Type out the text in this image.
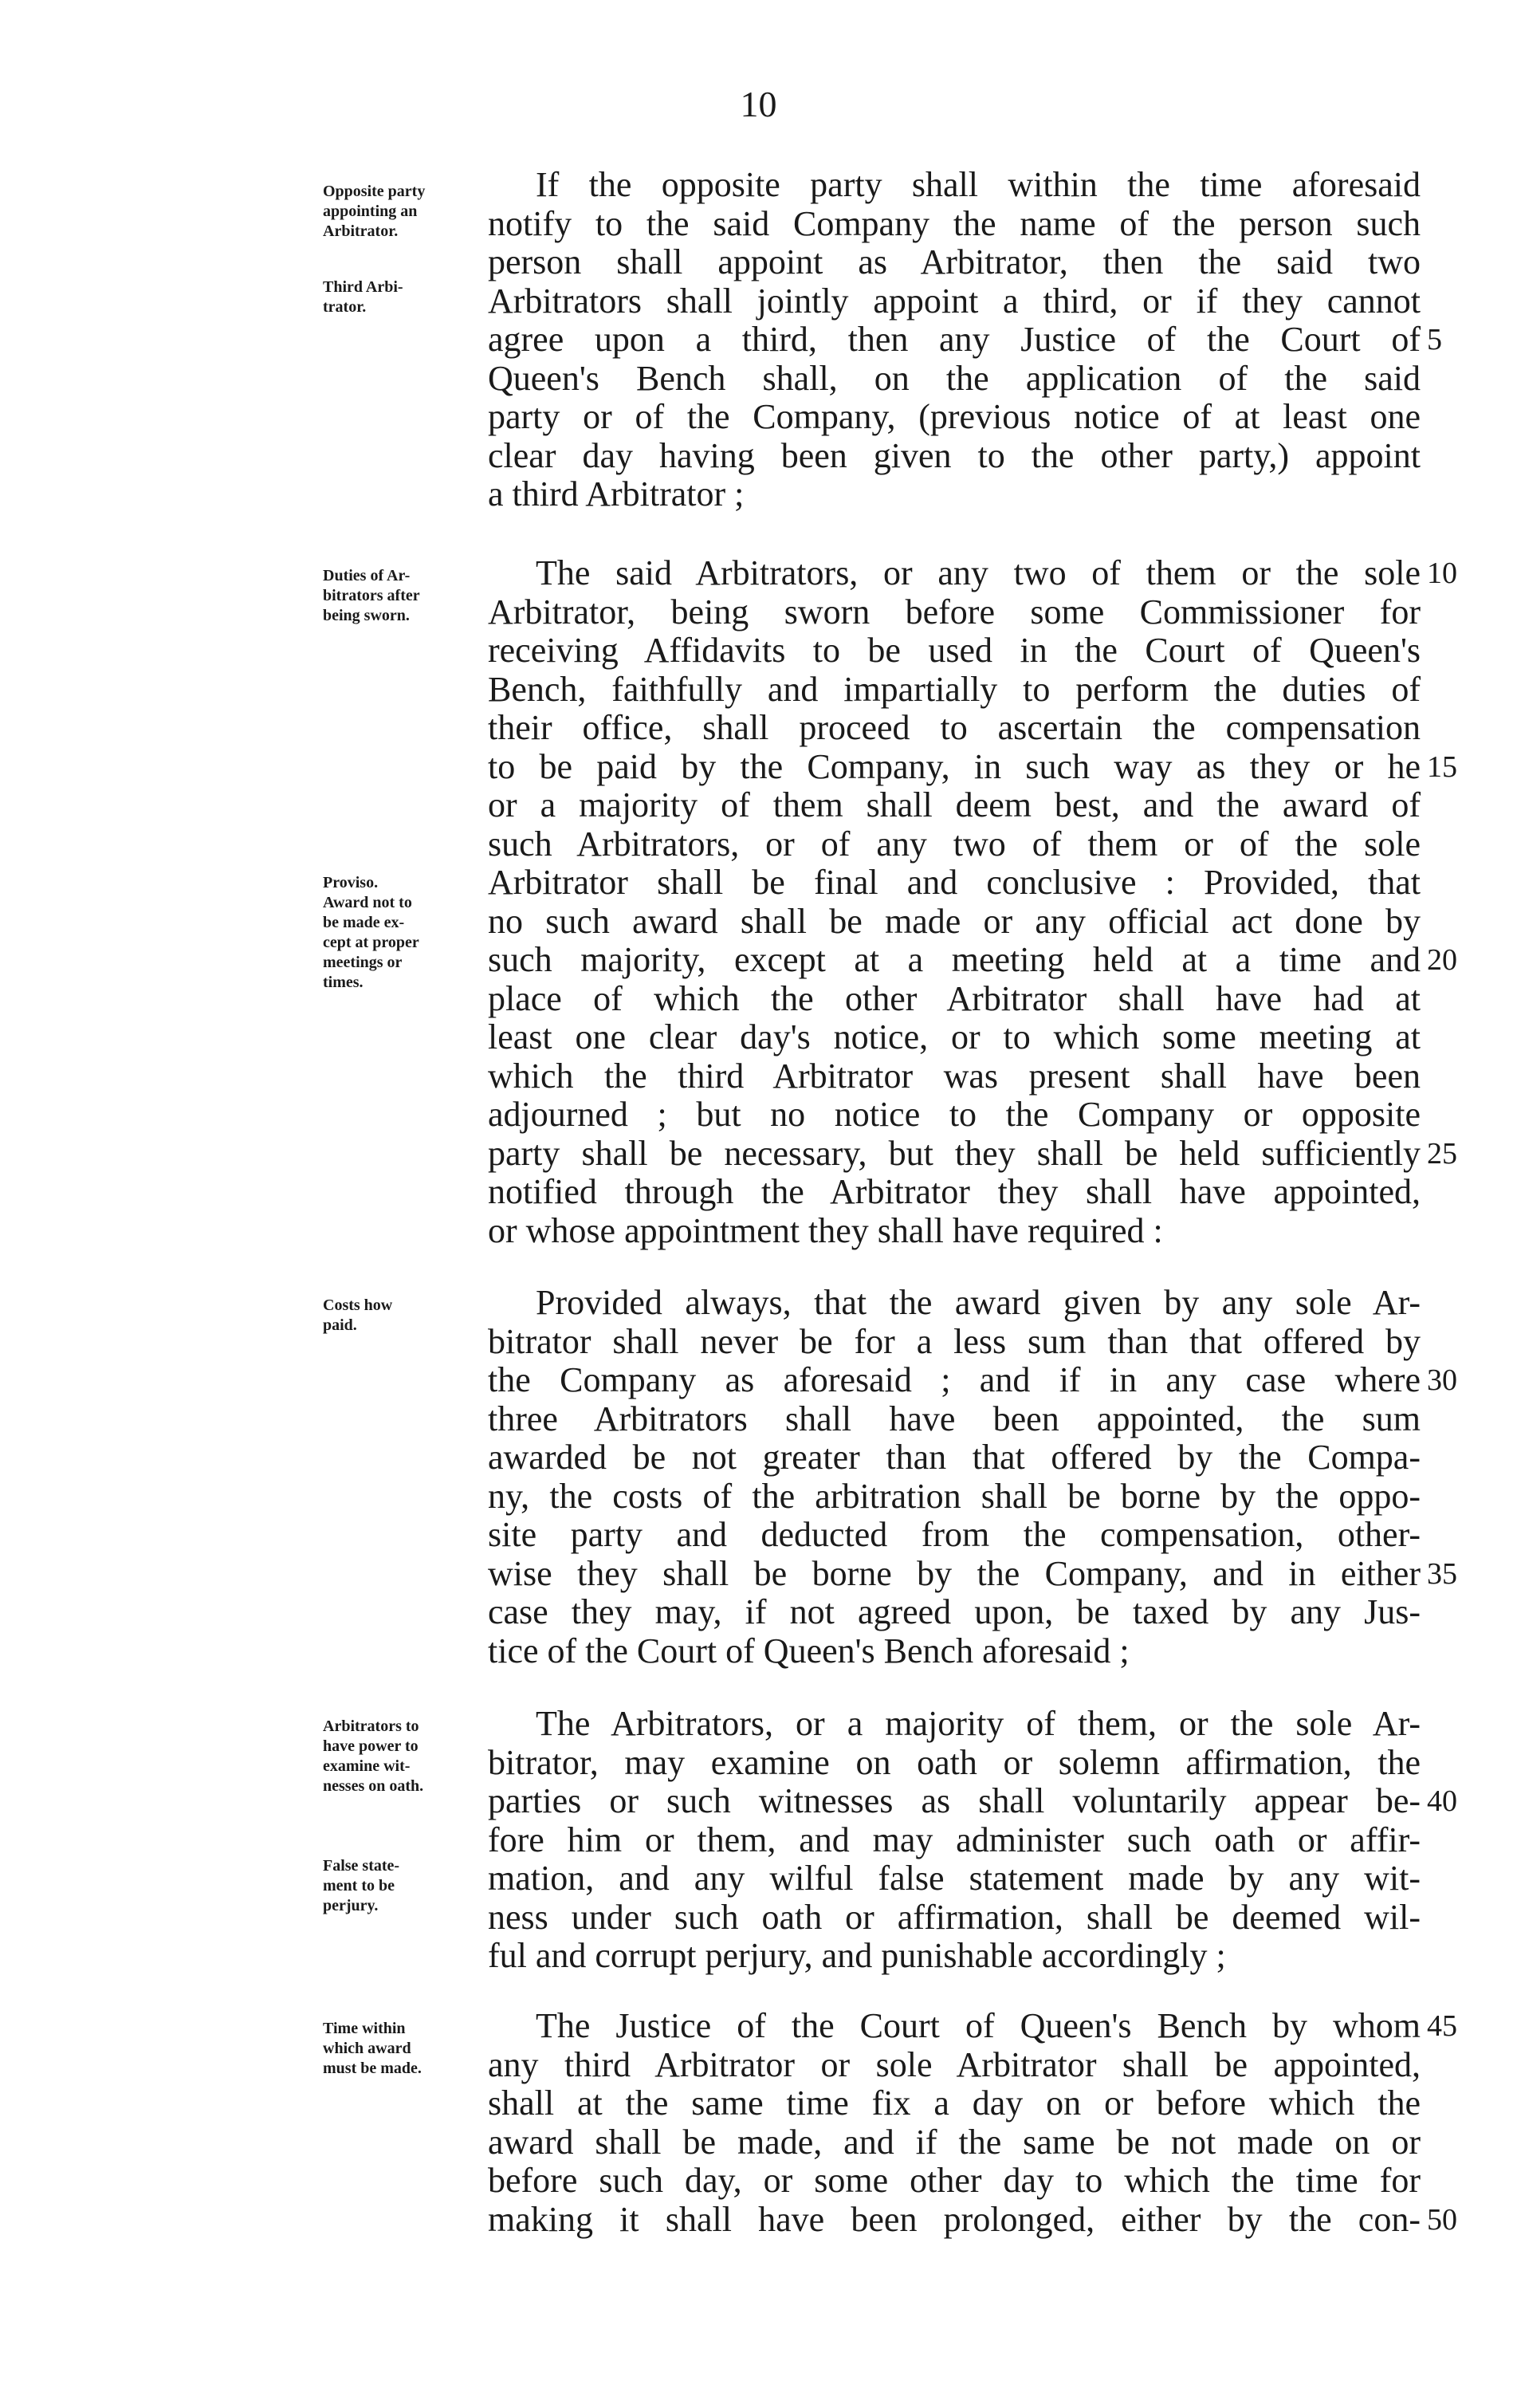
10
Opposite party
appointing an
Arbitrator.
Third Arbi-
trator.
If the opposite party shall within the time aforesaid
notify to the said Company the name of the person such
person shall appoint as Arbitrator, then the said two
Arbitrators shall jointly appoint a third, or if they cannot
agree upon a third, then any Justice of the Court of
Queen's Bench shall, on the application of the said
party or of the Company, (previous notice of at least one
clear day having been given to the other party,) appoint
a third Arbitrator ;
5
Duties of Ar-
bitrators after
being sworn.
Proviso.
Award not to
be made ex-
cept at proper
meetings or
times.
The said Arbitrators, or any two of them or the sole
Arbitrator, being sworn before some Commissioner for
receiving Affidavits to be used in the Court of Queen's
Bench, faithfully and impartially to perform the duties of
their office, shall proceed to ascertain the compensation
to be paid by the Company, in such way as they or he
or a majority of them shall deem best, and the award of
such Arbitrators, or of any two of them or of the sole
Arbitrator shall be final and conclusive : Provided, that
no such award shall be made or any official act done by
such majority, except at a meeting held at a time and
place of which the other Arbitrator shall have had at
least one clear day's notice, or to which some meeting at
which the third Arbitrator was present shall have been
adjourned ; but no notice to the Company or opposite
party shall be necessary, but they shall be held sufficiently
notified through the Arbitrator they shall have appointed,
or whose appointment they shall have required :
10
15
20
25
Costs how
paid.
Provided always, that the award given by any sole Ar-
bitrator shall never be for a less sum than that offered by
the Company as aforesaid ; and if in any case where
three Arbitrators shall have been appointed, the sum
awarded be not greater than that offered by the Compa-
ny, the costs of the arbitration shall be borne by the oppo-
site party and deducted from the compensation, other-
wise they shall be borne by the Company, and in either
case they may, if not agreed upon, be taxed by any Jus-
tice of the Court of Queen's Bench aforesaid ;
30
35
Arbitrators to
have power to
examine wit-
nesses on oath.
False state-
ment to be
perjury.
The Arbitrators, or a majority of them, or the sole Ar-
bitrator, may examine on oath or solemn affirmation, the
parties or such witnesses as shall voluntarily appear be-
fore him or them, and may administer such oath or affir-
mation, and any wilful false statement made by any wit-
ness under such oath or affirmation, shall be deemed wil-
ful and corrupt perjury, and punishable accordingly ;
40
Time within
which award
must be made.
The Justice of the Court of Queen's Bench by whom
any third Arbitrator or sole Arbitrator shall be appointed,
shall at the same time fix a day on or before which the
award shall be made, and if the same be not made on or
before such day, or some other day to which the time for
making it shall have been prolonged, either by the con-
45
50
